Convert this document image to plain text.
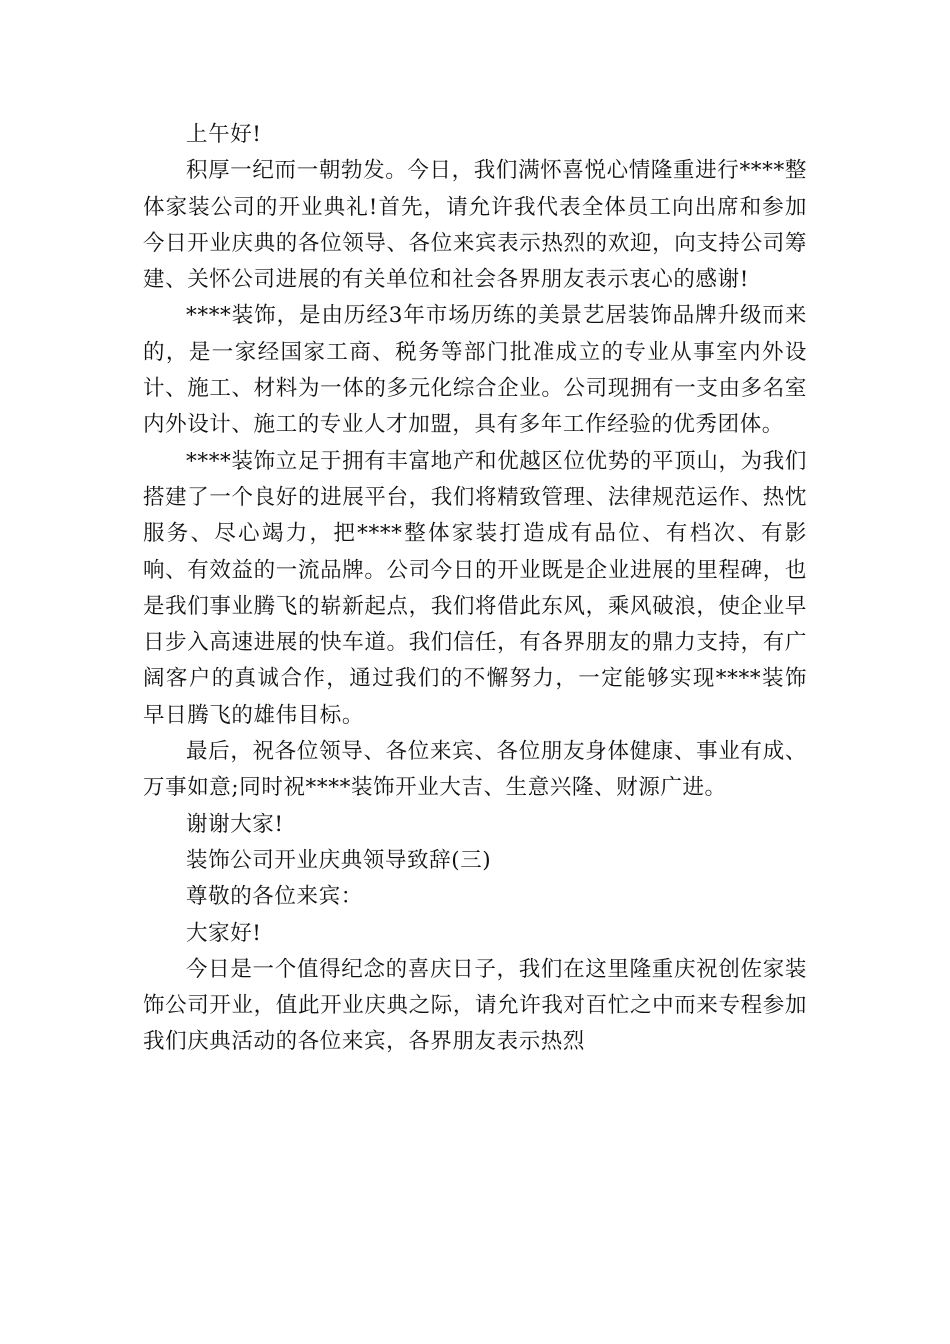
上午好!

积厚一纪而一朝勃发。今日，我们满怀喜悦心情隆重进行****整体家装公司的开业典礼!首先，请允许我代表全体员工向出席和参加今日开业庆典的各位领导、各位来宾表示热烈的欢迎，向支持公司筹建、关怀公司进展的有关单位和社会各界朋友表示衷心的感谢!

****装饰，是由历经3年市场历练的美景艺居装饰品牌升级而来的，是一家经国家工商、税务等部门批准成立的专业从事室内外设计、施工、材料为一体的多元化综合企业。公司现拥有一支由多名室内外设计、施工的专业人才加盟，具有多年工作经验的优秀团体。

****装饰立足于拥有丰富地产和优越区位优势的平顶山，为我们搭建了一个良好的进展平台，我们将精致管理、法律规范运作、热忱服务、尽心竭力，把****整体家装打造成有品位、有档次、有影响、有效益的一流品牌。公司今日的开业既是企业进展的里程碑，也是我们事业腾飞的崭新起点，我们将借此东风，乘风破浪，使企业早日步入高速进展的快车道。我们信任，有各界朋友的鼎力支持，有广阔客户的真诚合作，通过我们的不懈努力，一定能够实现****装饰早日腾飞的雄伟目标。

最后，祝各位领导、各位来宾、各位朋友身体健康、事业有成、万事如意;同时祝****装饰开业大吉、生意兴隆、财源广进。

谢谢大家!

装饰公司开业庆典领导致辞(三)

尊敬的各位来宾：

大家好!

今日是一个值得纪念的喜庆日子，我们在这里隆重庆祝创佐家装饰公司开业，值此开业庆典之际，请允许我对百忙之中而来专程参加我们庆典活动的各位来宾，各界朋友表示热烈
